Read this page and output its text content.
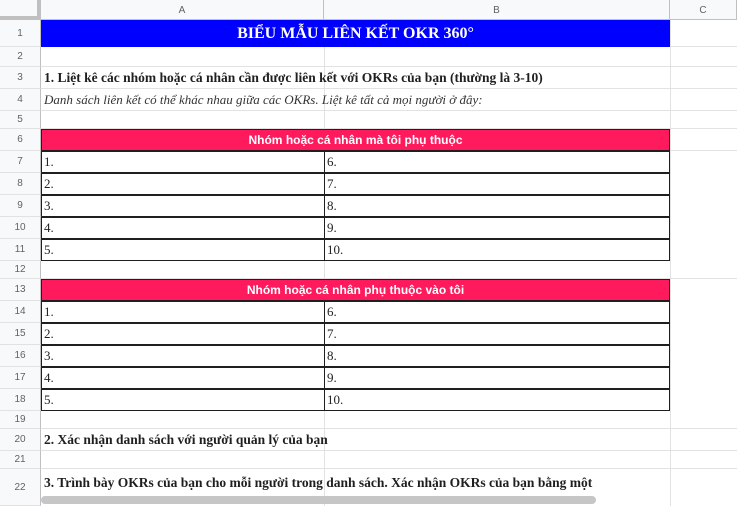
A	B	C
1
2
3
4
5
6
7
8
9
10
11
12
13
14
15
16
17
18
19
20
21
22
BIỂU MẪU LIÊN KẾT OKR 360°
1. Liệt kê các nhóm hoặc cá nhân cần được liên kết với OKRs của bạn (thường là 3-10)
Danh sách liên kết có thể khác nhau giữa các OKRs. Liệt kê tất cả mọi người ở đây:
Nhóm hoặc cá nhân mà tôi phụ thuộc
1.	6.
2.	7.
3.	8.
4.	9.
5.	10.
Nhóm hoặc cá nhân phụ thuộc vào tôi
1.	6.
2.	7.
3.	8.
4.	9.
5.	10.
2. Xác nhận danh sách với người quản lý của bạn
3. Trình bày OKRs của bạn cho mỗi người trong danh sách. Xác nhận OKRs của bạn bằng một
